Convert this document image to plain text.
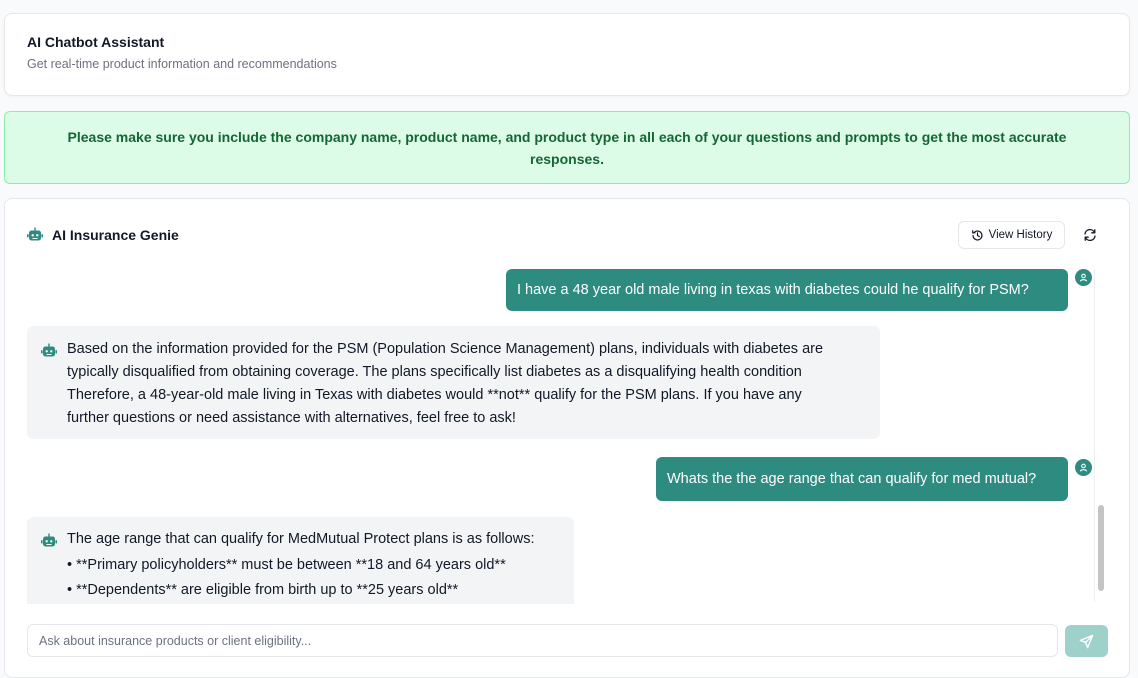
AI Chatbot Assistant
Get real-time product information and recommendations
Please make sure you include the company name, product name, and product type in all each of your questions and prompts to get the most accurate responses.
AI Insurance Genie	View History
I have a 48 year old male living in texas with diabetes could he qualify for PSM?
Based on the information provided for the PSM (Population Science Management) plans, individuals with diabetes are
typically disqualified from obtaining coverage. The plans specifically list diabetes as a disqualifying health condition
Therefore, a 48-year-old male living in Texas with diabetes would **not** qualify for the PSM plans. If you have any
further questions or need assistance with alternatives, feel free to ask!
Whats the the age range that can qualify for med mutual?
The age range that can qualify for MedMutual Protect plans is as follows:
• **Primary policyholders** must be between **18 and 64 years old**
• **Dependents** are eligible from birth up to **25 years old**
Ask about insurance products or client eligibility...
